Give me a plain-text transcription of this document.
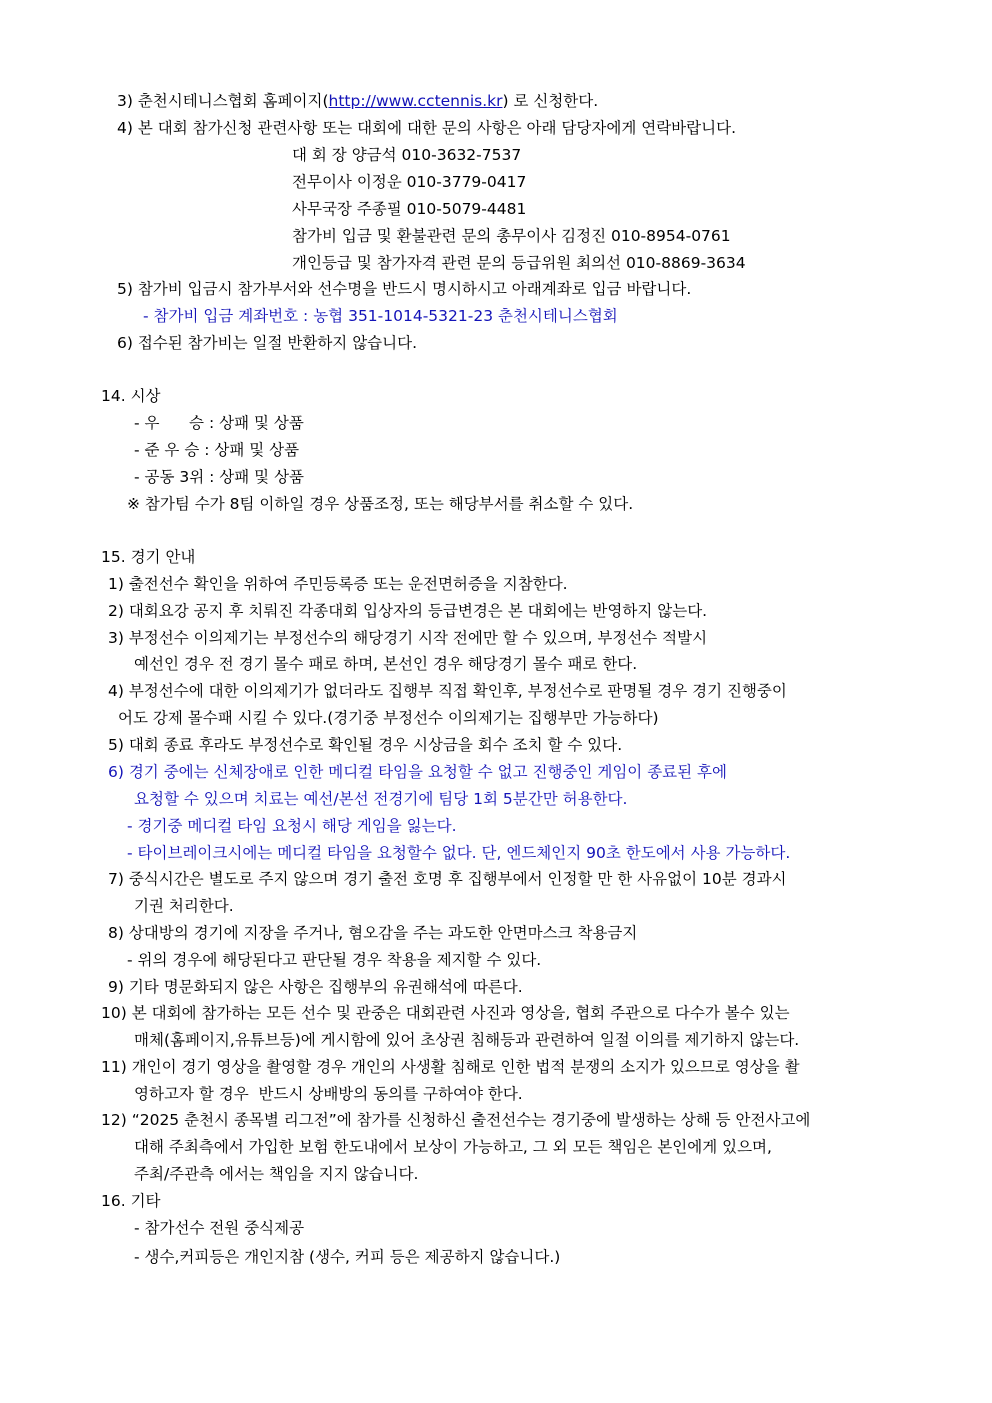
3) 춘천시테니스협회 홈페이지(http://www.cctennis.kr) 로 신청한다.
4) 본 대회 참가신청 관련사항 또는 대회에 대한 문의 사항은 아래 담당자에게 연락바랍니다.
대 회 장 양금석 010-3632-7537
전무이사 이정운 010-3779-0417
사무국장 주종필 010-5079-4481
참가비 입금 및 환불관련 문의 총무이사 김정진 010-8954-0761
개인등급 및 참가자격 관련 문의 등급위원 최의선 010-8869-3634
5) 참가비 입금시 참가부서와 선수명을 반드시 명시하시고 아래계좌로 입금 바랍니다.
- 참가비 입금 계좌번호 : 농협 351-1014-5321-23 춘천시테니스협회
6) 접수된 참가비는 일절 반환하지 않습니다.
14. 시상
- 우      승 : 상패 및 상품
- 준 우 승 : 상패 및 상품
- 공동 3위 : 상패 및 상품
※ 참가팀 수가 8팀 이하일 경우 상품조정, 또는 해당부서를 취소할 수 있다.
15. 경기 안내
1) 출전선수 확인을 위하여 주민등록증 또는 운전면허증을 지참한다.
2) 대회요강 공지 후 치뤄진 각종대회 입상자의 등급변경은 본 대회에는 반영하지 않는다.
3) 부정선수 이의제기는 부정선수의 해당경기 시작 전에만 할 수 있으며, 부정선수 적발시
예선인 경우 전 경기 몰수 패로 하며, 본선인 경우 해당경기 몰수 패로 한다.
4) 부정선수에 대한 이의제기가 없더라도 집행부 직접 확인후, 부정선수로 판명될 경우 경기 진행중이
어도 강제 몰수패 시킬 수 있다.(경기중 부정선수 이의제기는 집행부만 가능하다)
5) 대회 종료 후라도 부정선수로 확인될 경우 시상금을 회수 조치 할 수 있다.
6) 경기 중에는 신체장애로 인한 메디컬 타임을 요청할 수 없고 진행중인 게임이 종료된 후에
요청할 수 있으며 치료는 예선/본선 전경기에 팀당 1회 5분간만 허용한다.
- 경기중 메디컬 타임 요청시 해당 게임을 잃는다.
- 타이브레이크시에는 메디컬 타임을 요청할수 없다. 단, 엔드체인지 90초 한도에서 사용 가능하다.
7) 중식시간은 별도로 주지 않으며 경기 출전 호명 후 집행부에서 인정할 만 한 사유없이 10분 경과시
기권 처리한다.
8) 상대방의 경기에 지장을 주거나, 혐오감을 주는 과도한 안면마스크 착용금지
- 위의 경우에 해당된다고 판단될 경우 착용을 제지할 수 있다.
9) 기타 명문화되지 않은 사항은 집행부의 유권해석에 따른다.
10) 본 대회에 참가하는 모든 선수 및 관중은 대회관련 사진과 영상을, 협회 주관으로 다수가 볼수 있는
매체(홈페이지,유튜브등)에 게시함에 있어 초상권 침해등과 관련하여 일절 이의를 제기하지 않는다.
11) 개인이 경기 영상을 촬영할 경우 개인의 사생활 침해로 인한 법적 분쟁의 소지가 있으므로 영상을 촬
영하고자 할 경우  반드시 상배방의 동의를 구하여야 한다.
12) “2025 춘천시 종목별 리그전”에 참가를 신청하신 출전선수는 경기중에 발생하는 상해 등 안전사고에
대해 주최측에서 가입한 보험 한도내에서 보상이 가능하고, 그 외 모든 책임은 본인에게 있으며,
주최/주관측 에서는 책임을 지지 않습니다.
16. 기타
- 참가선수 전원 중식제공
- 생수,커피등은 개인지참 (생수, 커피 등은 제공하지 않습니다.)
